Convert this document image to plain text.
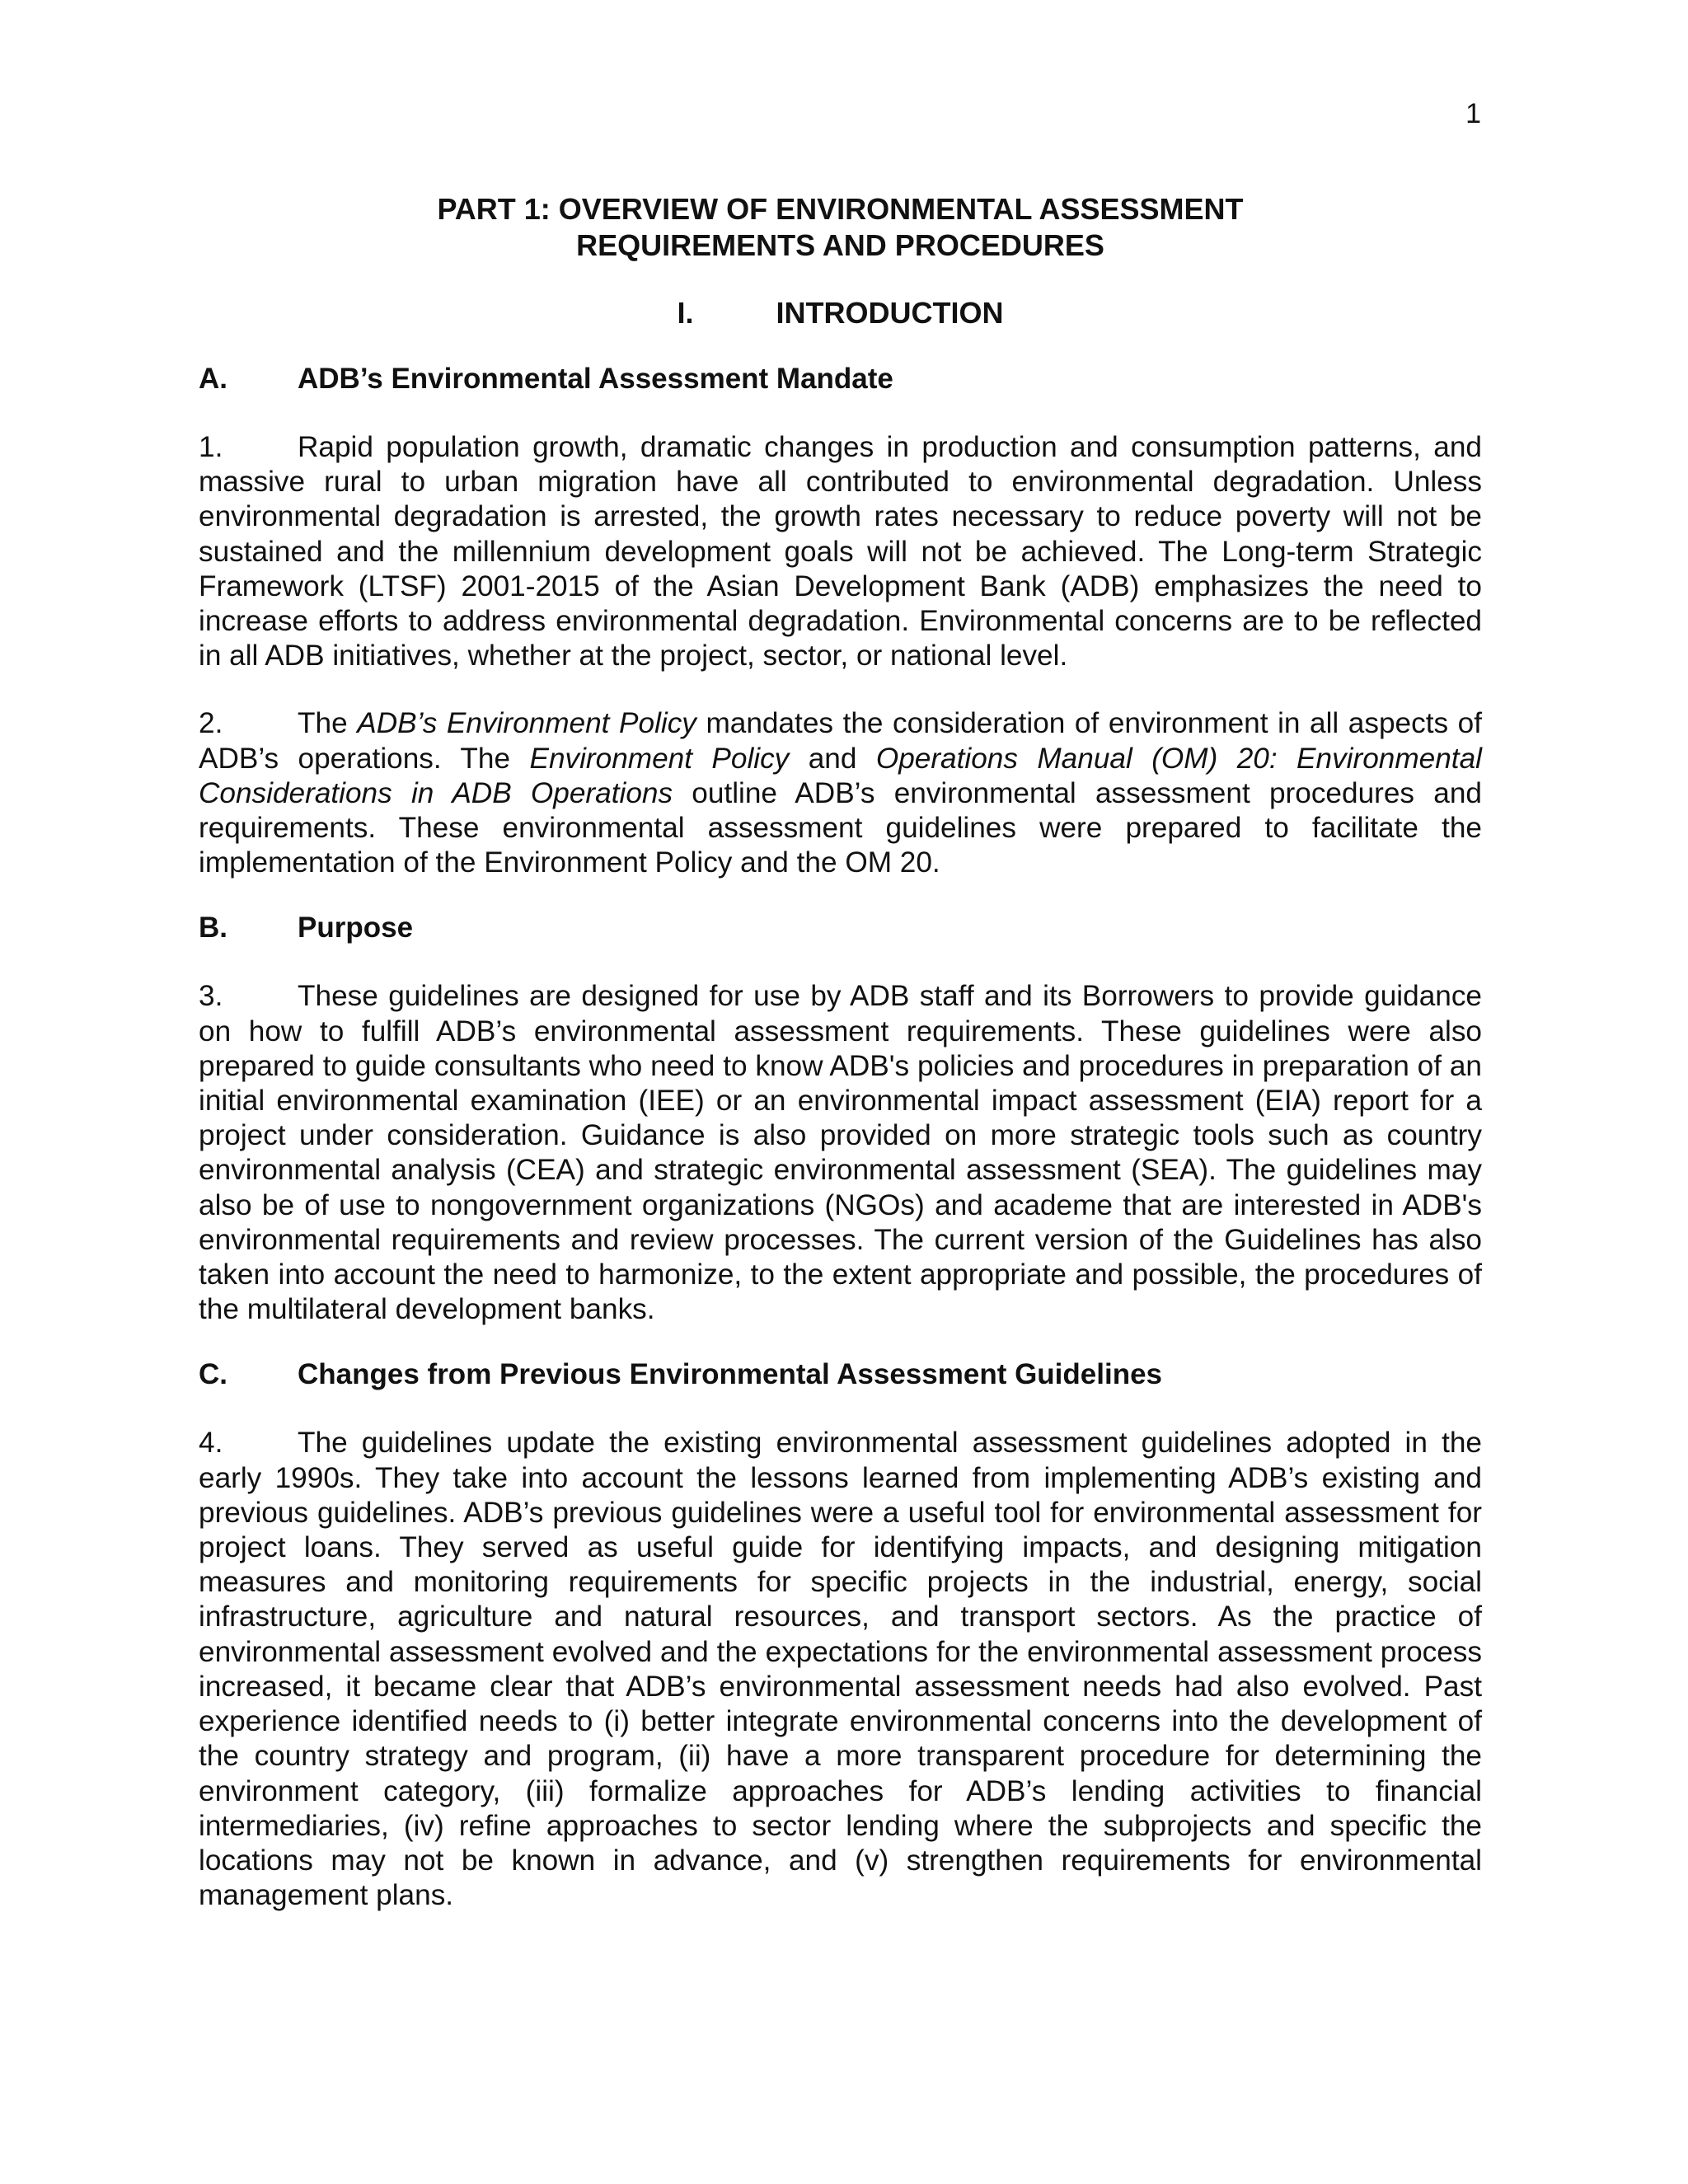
1
PART 1: OVERVIEW OF ENVIRONMENTAL ASSESSMENT
REQUIREMENTS AND PROCEDURES
I.	INTRODUCTION
A.	ADB’s Environmental Assessment Mandate

1.	Rapid population growth, dramatic changes in production and consumption patterns, and massive rural to urban migration have all contributed to environmental degradation. Unless environmental degradation is arrested, the growth rates necessary to reduce poverty will not be sustained and the millennium development goals will not be achieved. The Long-term Strategic Framework (LTSF) 2001-2015 of the Asian Development Bank (ADB) emphasizes the need to increase efforts to address environmental degradation. Environmental concerns are to be reflected in all ADB initiatives, whether at the project, sector, or national level.

2.	The ADB’s Environment Policy mandates the consideration of environment in all aspects of ADB’s operations. The Environment Policy and Operations Manual (OM) 20: Environmental Considerations in ADB Operations outline ADB’s environmental assessment procedures and requirements. These environmental assessment guidelines were prepared to facilitate the implementation of the Environment Policy and the OM 20.

B.	Purpose

3.	These guidelines are designed for use by ADB staff and its Borrowers to provide guidance on how to fulfill ADB’s environmental assessment requirements. These guidelines were also prepared to guide consultants who need to know ADB's policies and procedures in preparation of an initial environmental examination (IEE) or an environmental impact assessment (EIA) report for a project under consideration. Guidance is also provided on more strategic tools such as country environmental analysis (CEA) and strategic environmental assessment (SEA). The guidelines may also be of use to nongovernment organizations (NGOs) and academe that are interested in ADB's environmental requirements and review processes. The current version of the Guidelines has also taken into account the need to harmonize, to the extent appropriate and possible, the procedures of the multilateral development banks.

C.	Changes from Previous Environmental Assessment Guidelines

4.	The guidelines update the existing environmental assessment guidelines adopted in the early 1990s. They take into account the lessons learned from implementing ADB’s existing and previous guidelines. ADB’s previous guidelines were a useful tool for environmental assessment for project loans. They served as useful guide for identifying impacts, and designing mitigation measures and monitoring requirements for specific projects in the industrial, energy, social infrastructure, agriculture and natural resources, and transport sectors. As the practice of environmental assessment evolved and the expectations for the environmental assessment process increased, it became clear that ADB’s environmental assessment needs had also evolved. Past experience identified needs to (i) better integrate environmental concerns into the development of the country strategy and program, (ii) have a more transparent procedure for determining the environment category, (iii) formalize approaches for ADB’s lending activities to financial intermediaries, (iv) refine approaches to sector lending where the subprojects and specific the locations may not be known in advance, and (v) strengthen requirements for environmental management plans.
